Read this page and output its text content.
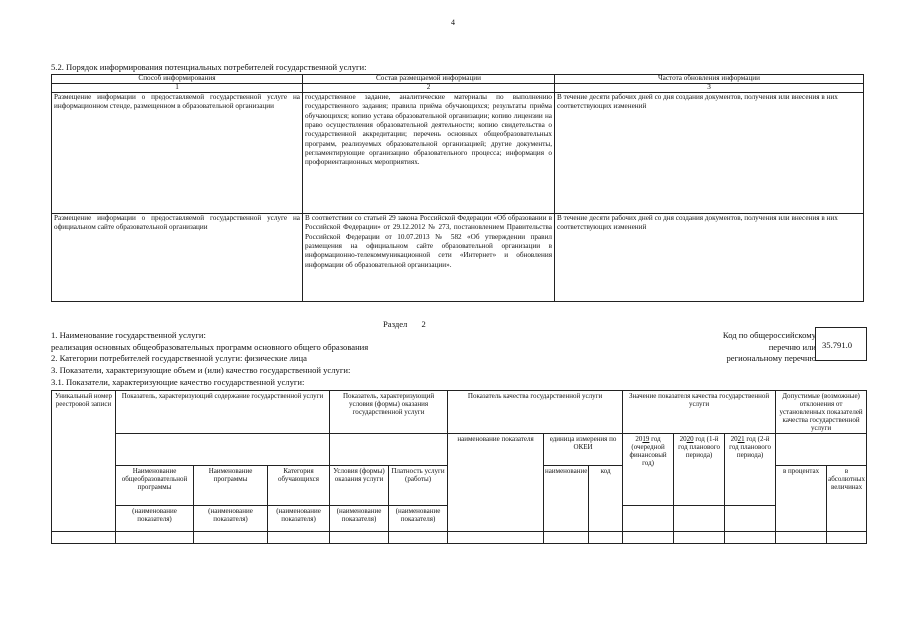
4
5.2. Порядок информирования потенциальных потребителей государственной услуги:
Способ информирования	Состав размещаемой информации	Частота обновления информации
1	2	3
Размещение информации о предоставляемой государственной услуге на информационном стенде, размещенном в образовательной организации	государственное задание, аналитические материалы по выполнению государственного задания; правила приёма обучающихся; результаты приёма обучающихся; копию устава образовательной организации; копию лицензии на право осуществления образовательной деятельности; копию свидетельства о государственной аккредитации; перечень основных общеобразовательных программ, реализуемых образовательной организацией; другие документы, регламентирующие организацию образовательного процесса; информация о профориентационных мероприятиях.	В течение десяти рабочих дней со дня создания документов, получения или внесения в них соответствующих изменений
Размещение информации о предоставляемой государственной услуге на официальном сайте образовательной организации	В соответствии со статьей 29 закона Российской Федерации «Об образовании в Российской Федерации» от 29.12.2012 № 273, постановлением Правительства Российской Федерации от 10.07.2013 № 582 «Об утверждении правил размещения на официальном сайте образовательной организации в информационно-телекоммуникационной сети «Интернет» и обновления информации об образовательной организации».	В течение десяти рабочих дней со дня создания документов, получения или внесения в них соответствующих изменений
Раздел 2
1. Наименование государственной услуги:
реализация основных общеобразовательных программ основного общего образования
2. Категории потребителей государственной услуги: физические лица
3. Показатели, характеризующие объем и (или) качество государственной услуги:
3.1. Показатели, характеризующие качество государственной услуги:
Код по общероссийскому
перечню или
региональному перечню
35.791.0
Уникальный номер реестровой записи	Показатель, характеризующий содержание государственной услуги			Показатель, характеризующий условия (формы) оказания государственной услуги		Показатель качества государственной услуги			Значение показателя качества государственной услуги			Допустимые (возможные) отклонения от установленных показателей качества государственной услуги	
						наименование показателя	единица измерения по ОКЕИ		2019 год (очередной финансовый год)	2020 год (1-й год планового периода)	2021 год (2-й год планового периода)		
	Наименование общеобразовательной программы	Наименование программы	Категория обучающихся	Условия (формы) оказания услуги	Платность услуги (работы)		наименование	код				в процентах	в абсолютных величинах
	(наименование показателя)	(наименование показателя)	(наименование показателя)	(наименование показателя)	(наименование показателя)								
